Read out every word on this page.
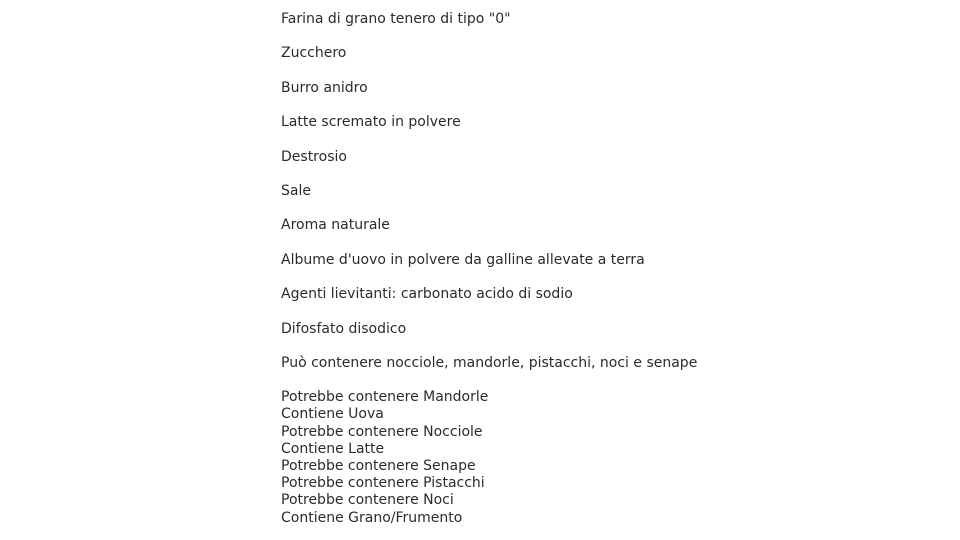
Farina di grano tenero di tipo "0"
Zucchero
Burro anidro
Latte scremato in polvere
Destrosio
Sale
Aroma naturale
Albume d'uovo in polvere da galline allevate a terra
Agenti lievitanti: carbonato acido di sodio
Difosfato disodico
Può contenere nocciole, mandorle, pistacchi, noci e senape
Potrebbe contenere Mandorle
Contiene Uova
Potrebbe contenere Nocciole
Contiene Latte
Potrebbe contenere Senape
Potrebbe contenere Pistacchi
Potrebbe contenere Noci
Contiene Grano/Frumento
